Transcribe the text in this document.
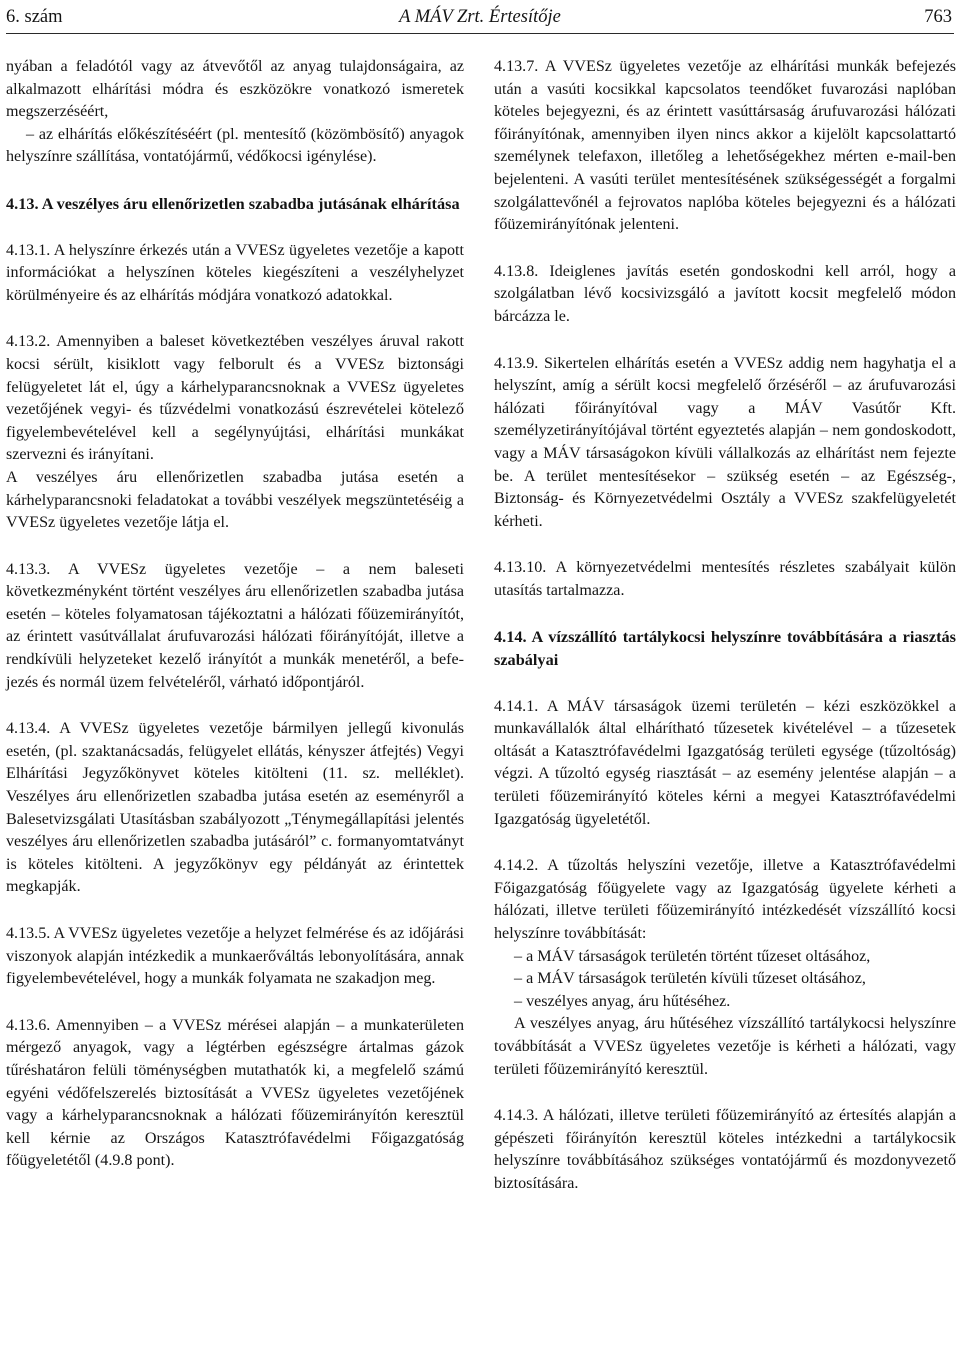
6. szám	A MÁV Zrt. Értesítője	763

nyában a feladótól vagy az átvevőtől az anyag tulajdonságaira, az alkalmazott elhárítási módra és eszközökre vonatkozó ismeretek megszerzéséért,

– az elhárítás előkészítéséért (pl. mentesítő (közömbösítő) anyagok helyszínre szállítása, vontatójármű, védőkocsi igénylése).

4.13. A veszélyes áru ellenőrizetlen szabadba jutásának elhárítása

4.13.1. A helyszínre érkezés után a VVESz ügyeletes vezetője a kapott információkat a helyszínen köteles kiegészíteni a veszélyhelyzet körülményeire és az elhárítás módjára vonatkozó adatokkal.

4.13.2. Amennyiben a baleset következtében veszélyes áruval rakott kocsi sérült, kisiklott vagy felborult és a VVESz biztonsági felügyeletet lát el, úgy a kárhelyparancsnoknak a VVESz ügyeletes vezetőjének vegyi- és tűzvédelmi vonatkozású észrevételei kötelező figyelembevételével kell a segélynyújtási, elhárítási munkákat szervezni és irányítani.

A veszélyes áru ellenőrizetlen szabadba jutása esetén a kárhelyparancsnoki feladatokat a további veszélyek megszüntetéséig a VVESz ügyeletes vezetője látja el.

4.13.3. A VVESz ügyeletes vezetője – a nem baleseti következményként történt veszélyes áru ellenőrizetlen szabadba jutása esetén – köteles folyamatosan tájékoztatni a hálózati főüzemirányítót, az érintett vasútvállalat árufuvarozási hálózati főirányítóját, illetve a rendkívüli helyzeteket kezelő irányítót a munkák menetéről, a befejezés és normál üzem felvételéről, várható időpontjáról.

4.13.4. A VVESz ügyeletes vezetője bármilyen jellegű kivonulás esetén, (pl. szaktanácsadás, felügyelet ellátás, kényszer átfejtés) Vegyi Elhárítási Jegyzőkönyvet köteles kitölteni (11. sz. melléklet). Veszélyes áru ellenőrizetlen szabadba jutása esetén az eseményről a Balesetvizsgálati Utasításban szabályozott „Ténymegállapítási jelentés veszélyes áru ellenőrizetlen szabadba jutásáról” c. formanyomtatványt is köteles kitölteni. A jegyzőkönyv egy példányát az érintettek megkapják.

4.13.5. A VVESz ügyeletes vezetője a helyzet felmérése és az időjárási viszonyok alapján intézkedik a munkaerőváltás lebonyolítására, annak figyelembevételével, hogy a munkák folyamata ne szakadjon meg.

4.13.6. Amennyiben – a VVESz mérései alapján – a munkaterületen mérgező anyagok, vagy a légtérben egészségre ártalmas gázok tűréshatáron felüli töménységben mutathatók ki, a megfelelő számú egyéni védőfelszerelés biztosítását a VVESz ügyeletes vezetőjének vagy a kárhelyparancsnoknak a hálózati főüzemirányítón keresztül kell kérnie az Országos Katasztrófavédelmi Főigazgatóság főügyeletétől (4.9.8 pont).

4.13.7. A VVESz ügyeletes vezetője az elhárítási munkák befejezés után a vasúti kocsikkal kapcsolatos teendőket fuvarozási naplóban köteles bejegyezni, és az érintett vasúttársaság árufuvarozási hálózati főirányítónak, amennyiben ilyen nincs akkor a kijelölt kapcsolattartó személynek telefaxon, illetőleg a lehetőségekhez mérten e-mail-ben bejelenteni. A vasúti terület mentesítésének szükségességét a forgalmi szolgálattevőnél a fejrovatos naplóba köteles bejegyezni és a hálózati főüzemirányítónak jelenteni.

4.13.8. Ideiglenes javítás esetén gondoskodni kell arról, hogy a szolgálatban lévő kocsivizsgáló a javított kocsit megfelelő módon bárcázza le.

4.13.9. Sikertelen elhárítás esetén a VVESz addig nem hagyhatja el a helyszínt, amíg a sérült kocsi megfelelő őrzéséről – az árufuvarozási hálózati főirányítóval vagy a MÁV Vasútőr Kft. személyzetirányítójával történt egyeztetés alapján – nem gondoskodott, vagy a MÁV társaságokon kívüli vállalkozás az elhárítást nem fejezte be. A terület mentesítésekor – szükség esetén – az Egészség-, Biztonság- és Környezetvédelmi Osztály a VVESz szakfelügyeletét kérheti.

4.13.10. A környezetvédelmi mentesítés részletes szabályait külön utasítás tartalmazza.

4.14. A vízszállító tartálykocsi helyszínre továbbítására a riasztás szabályai

4.14.1. A MÁV társaságok üzemi területén – kézi eszközökkel a munkavállalók által elhárítható tűzesetek kivételével – a tűzesetek oltását a Katasztrófavédelmi Igazgatóság területi egysége (tűzoltóság) végzi. A tűzoltó egység riasztását – az esemény jelentése alapján – a területi főüzemirányító köteles kérni a megyei Katasztrófavédelmi Igazgatóság ügyeletétől.

4.14.2. A tűzoltás helyszíni vezetője, illetve a Katasztrófavédelmi Főigazgatóság főügyelete vagy az Igazgatóság ügyelete kérheti a hálózati, illetve területi főüzemirányító intézkedését vízszállító kocsi helyszínre továbbítását:

– a MÁV társaságok területén történt tűzeset oltásához,

– a MÁV társaságok területén kívüli tűzeset oltásához,

– veszélyes anyag, áru hűtéséhez.

A veszélyes anyag, áru hűtéséhez vízszállító tartálykocsi helyszínre továbbítását a VVESz ügyeletes vezetője is kérheti a hálózati, vagy területi főüzemirányító keresztül.

4.14.3. A hálózati, illetve területi főüzemirányító az értesítés alapján a gépészeti főirányítón keresztül köteles intézkedni a tartálykocsik helyszínre továbbításához szükséges vontatójármű és mozdonyvezető biztosítására.
